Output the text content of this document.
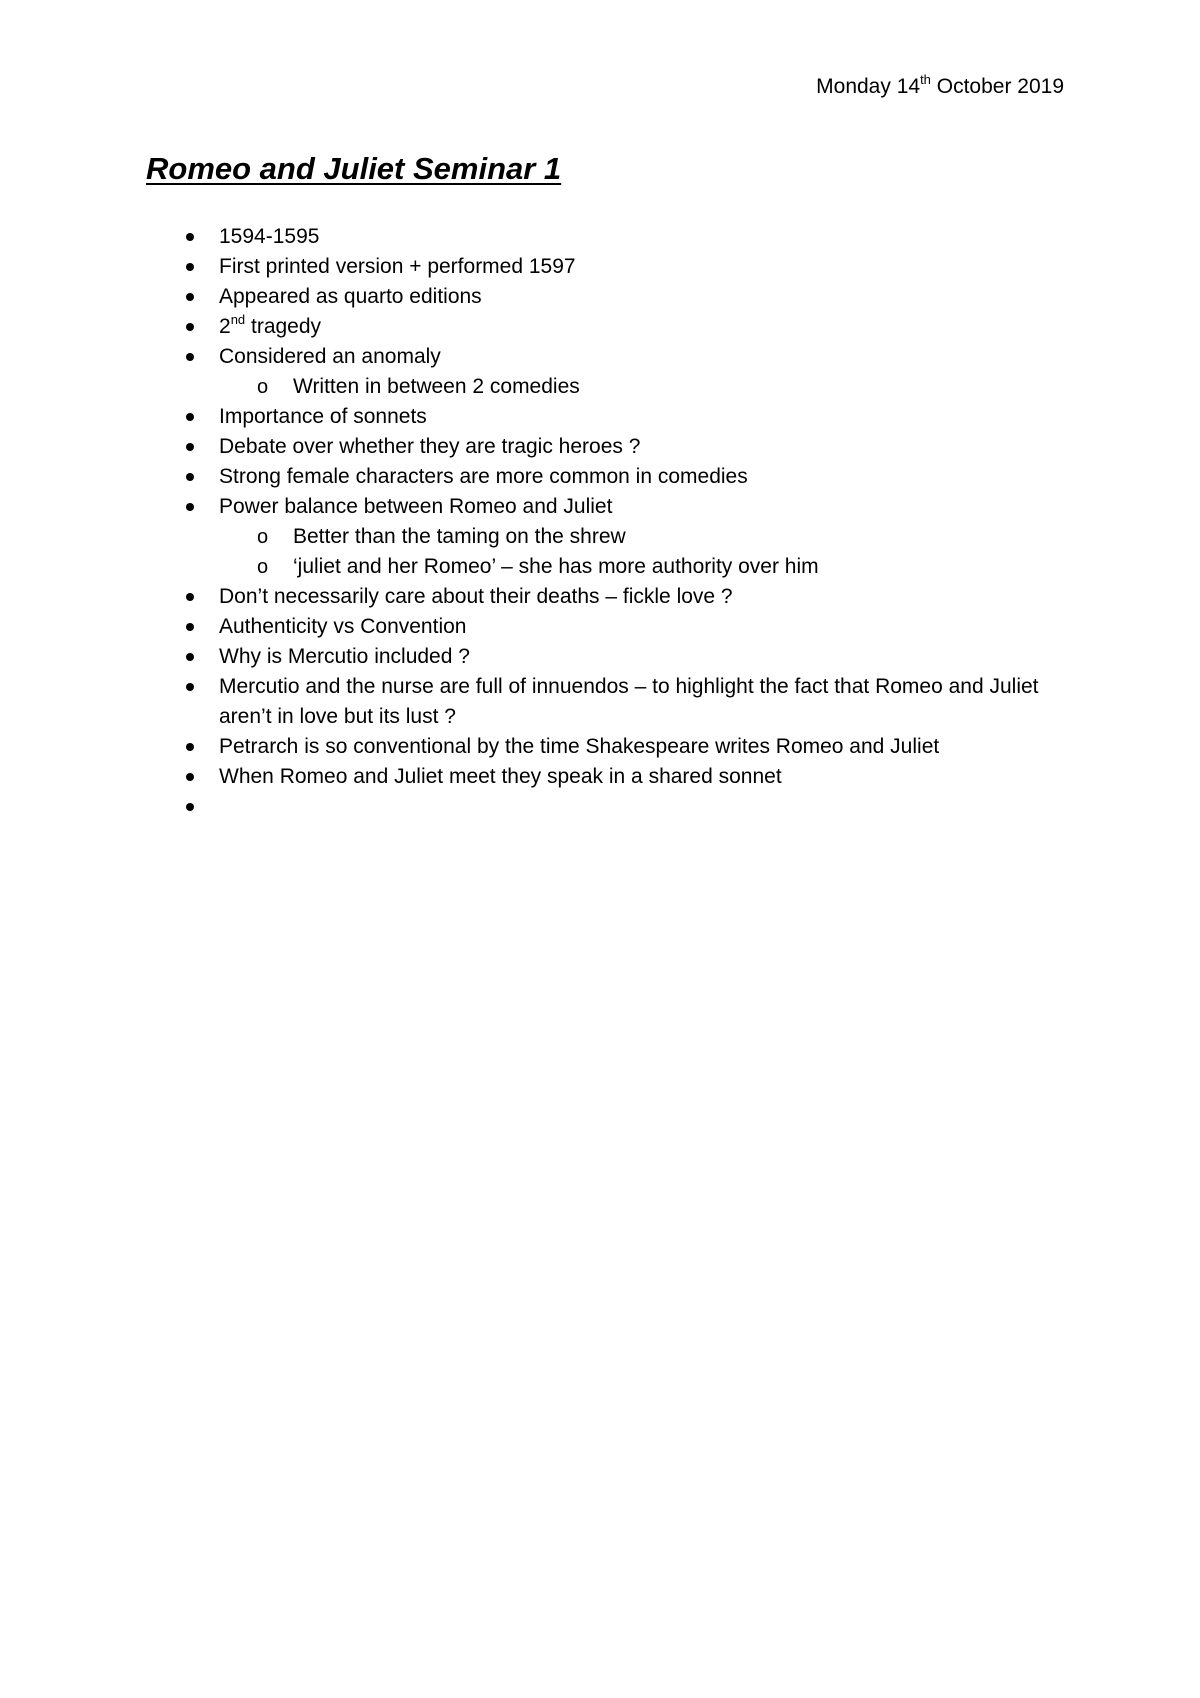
Monday 14th October 2019
Romeo and Juliet Seminar 1
1594-1595
First printed version + performed 1597
Appeared as quarto editions
2nd tragedy
Considered an anomaly
o Written in between 2 comedies
Importance of sonnets
Debate over whether they are tragic heroes ?
Strong female characters are more common in comedies
Power balance between Romeo and Juliet
o Better than the taming on the shrew
o ‘juliet and her Romeo’ – she has more authority over him
Don’t necessarily care about their deaths – fickle love ?
Authenticity vs Convention
Why is Mercutio included ?
Mercutio and the nurse are full of innuendos – to highlight the fact that Romeo and Juliet aren’t in love but its lust ?
Petrarch is so conventional by the time Shakespeare writes Romeo and Juliet
When Romeo and Juliet meet they speak in a shared sonnet
